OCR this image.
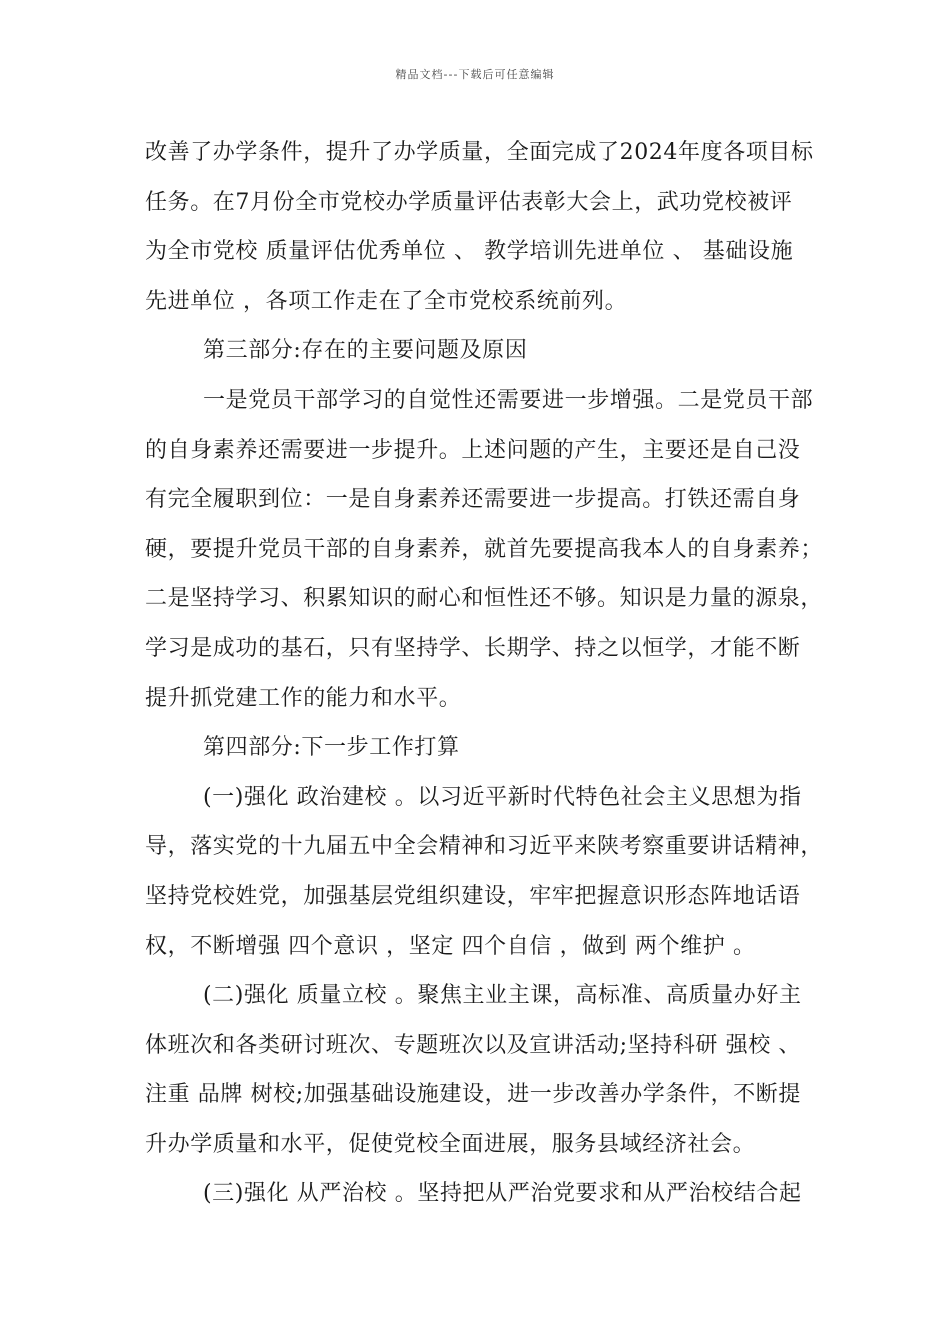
精品文档---下载后可任意编辑
改善了办学条件，提升了办学质量，全面完成了2024年度各项目标
任务。在7月份全市党校办学质量评估表彰大会上，武功党校被评
为全市党校 质量评估优秀单位 、 教学培训先进单位 、 基础设施
先进单位 ，各项工作走在了全市党校系统前列。
第三部分:存在的主要问题及原因
一是党员干部学习的自觉性还需要进一步增强。二是党员干部
的自身素养还需要进一步提升。上述问题的产生，主要还是自己没
有完全履职到位：一是自身素养还需要进一步提高。打铁还需自身
硬，要提升党员干部的自身素养，就首先要提高我本人的自身素养；
二是坚持学习、积累知识的耐心和恒性还不够。知识是力量的源泉，
学习是成功的基石，只有坚持学、长期学、持之以恒学，才能不断
提升抓党建工作的能力和水平。
第四部分:下一步工作打算
(一)强化 政治建校 。以习近平新时代特色社会主义思想为指
导，落实党的十九届五中全会精神和习近平来陕考察重要讲话精神，
坚持党校姓党，加强基层党组织建设，牢牢把握意识形态阵地话语
权，不断增强 四个意识 ，坚定 四个自信 ，做到 两个维护 。
(二)强化 质量立校 。聚焦主业主课，高标准、高质量办好主
体班次和各类研讨班次、专题班次以及宣讲活动;坚持科研 强校 、
注重 品牌 树校;加强基础设施建设，进一步改善办学条件，不断提
升办学质量和水平，促使党校全面进展，服务县域经济社会。
(三)强化 从严治校 。坚持把从严治党要求和从严治校结合起
